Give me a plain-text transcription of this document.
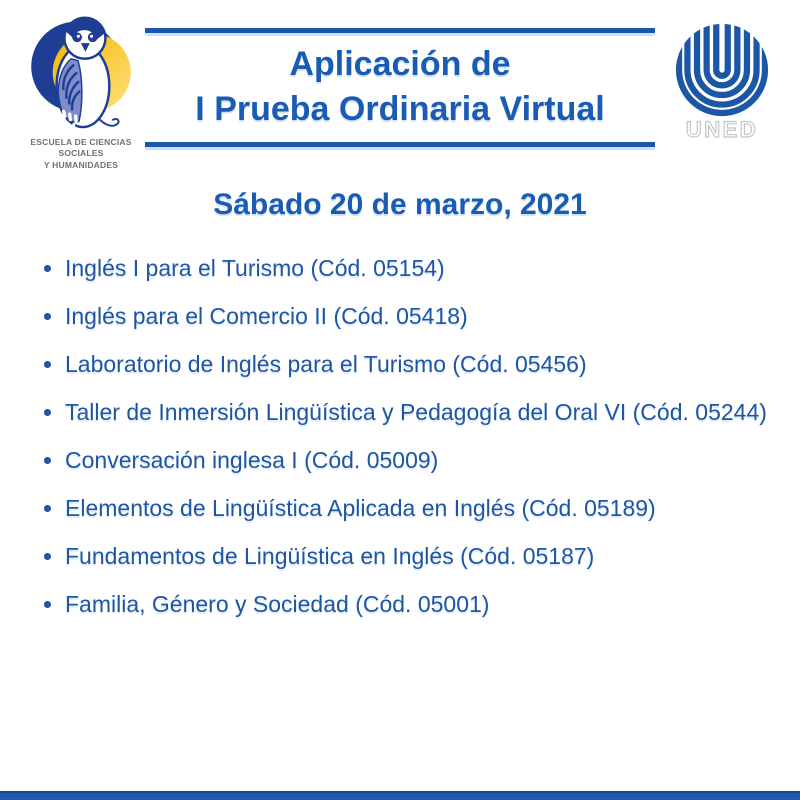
ESCUELA DE CIENCIAS SOCIALES
Y HUMANIDADES
Aplicación de
I Prueba Ordinaria Virtual
UNED
Sábado 20 de marzo, 2021
Inglés I para el Turismo (Cód. 05154)
Inglés para el Comercio II (Cód. 05418)
Laboratorio de Inglés para el Turismo (Cód. 05456)
Taller de Inmersión Lingüística y Pedagogía del Oral VI (Cód. 05244)
Conversación inglesa I (Cód. 05009)
Elementos de Lingüística Aplicada en Inglés (Cód. 05189)
Fundamentos de Lingüística en Inglés (Cód. 05187)
Familia, Género y Sociedad (Cód. 05001)
